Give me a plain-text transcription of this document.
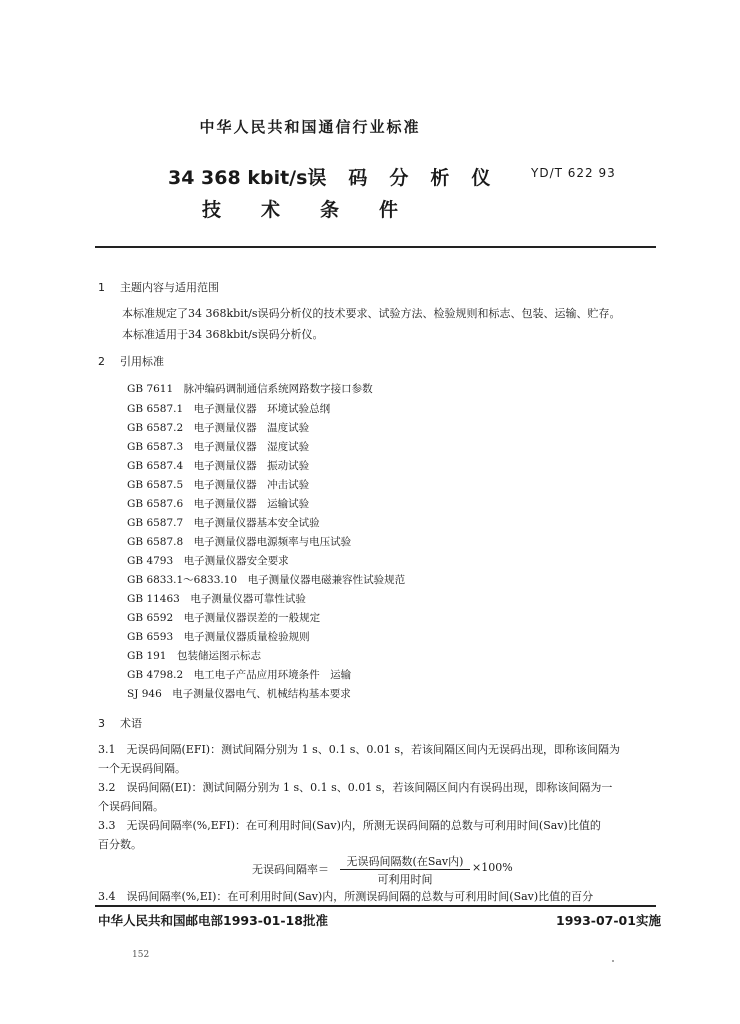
中华人民共和国通信行业标准
34 368 kbit/s误码分析仪
技术条件
YD/T 622 93
1 主题内容与适用范围
本标准规定了34 368kbit/s误码分析仪的技术要求、试验方法、检验规则和标志、包装、运输、贮存。
本标准适用于34 368kbit/s误码分析仪。
2 引用标准
GB 7611　脉冲编码调制通信系统网路数字接口参数
GB 6587.1　电子测量仪器　环境试验总纲
GB 6587.2　电子测量仪器　温度试验
GB 6587.3　电子测量仪器　湿度试验
GB 6587.4　电子测量仪器　振动试验
GB 6587.5　电子测量仪器　冲击试验
GB 6587.6　电子测量仪器　运输试验
GB 6587.7　电子测量仪器基本安全试验
GB 6587.8　电子测量仪器电源频率与电压试验
GB 4793　电子测量仪器安全要求
GB 6833.1～6833.10　电子测量仪器电磁兼容性试验规范
GB 11463　电子测量仪器可靠性试验
GB 6592　电子测量仪器误差的一般规定
GB 6593　电子测量仪器质量检验规则
GB 191　包装储运图示标志
GB 4798.2　电工电子产品应用环境条件　运输
SJ 946　电子测量仪器电气、机械结构基本要求
3 术语
3.1　 无误码间隔(EFI)：测试间隔分别为 1 s、0.1 s、0.01 s，若该间隔区间内无误码出现，即称该间隔为
一个无误码间隔。
3.2　 误码间隔(EI)：测试间隔分别为 1 s、0.1 s、0.01 s，若该间隔区间内有误码出现，即称该间隔为一
个误码间隔。
3.3　 无误码间隔率(%,EFI)：在可利用时间(Sav)内，所测无误码间隔的总数与可利用时间(Sav)比值的
百分数。
无误码间隔率＝
无误码间隔数(在Sav内)
可利用时间
×100%
3.4　 误码间隔率(%,EI)：在可利用时间(Sav)内，所测误码间隔的总数与可利用时间(Sav)比值的百分
中华人民共和国邮电部1993-01-18批准	1993-07-01实施
152
